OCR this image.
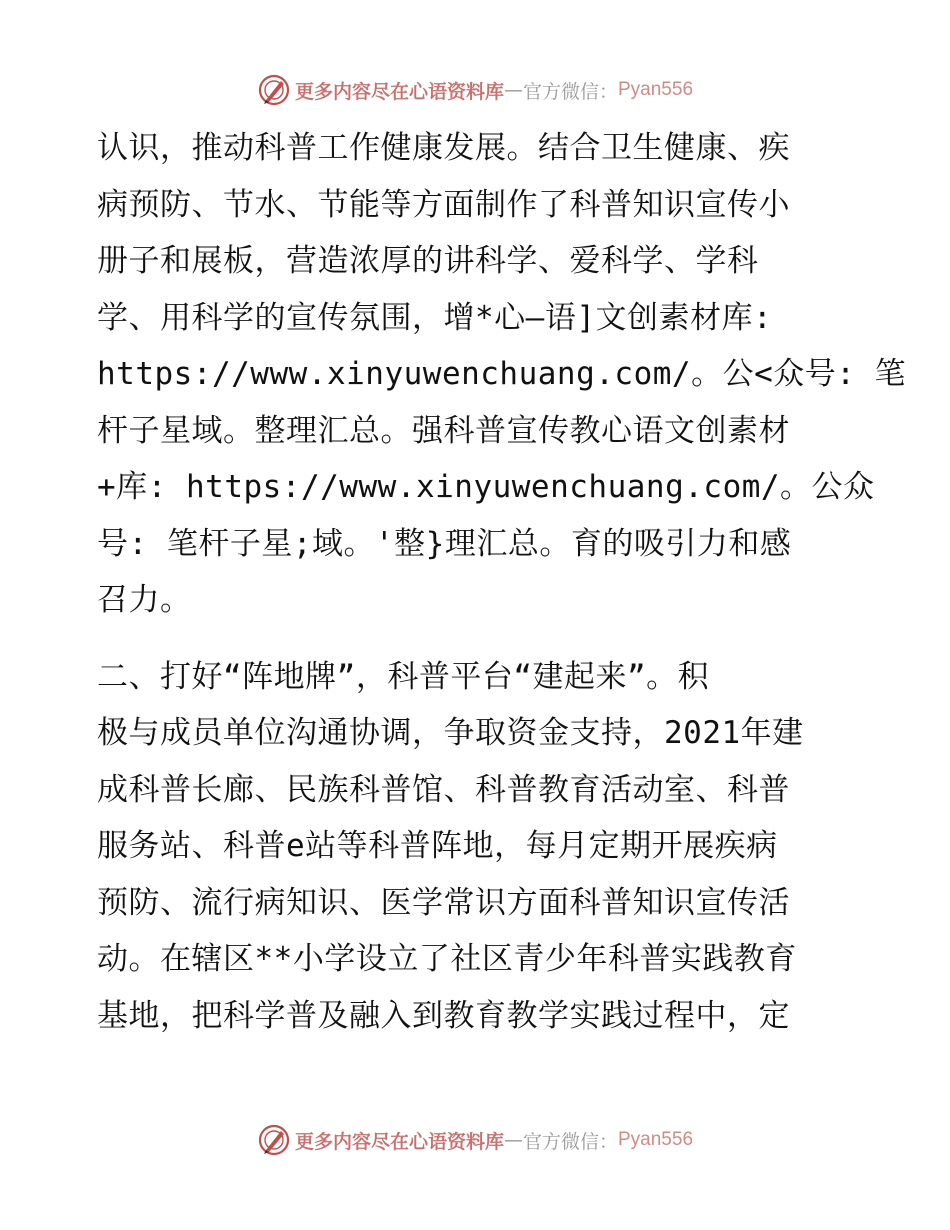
更多内容尽在心语资料库 — 官方微信： Pyan556

认识，推动科普工作健康发展。结合卫生健康、疾
病预防、节水、节能等方面制作了科普知识宣传小
册子和展板，营造浓厚的讲科学、爱科学、学科
学、用科学的宣传氛围，增*心—语]文创素材库:
https://www.xinyuwenchuang.com/。公<众号: 笔
杆子星域。整理汇总。强科普宣传教心语文创素材
+库: https://www.xinyuwenchuang.com/。公众
号: 笔杆子星;域。'整}理汇总。育的吸引力和感
召力。

二、打好“阵地牌”，科普平台“建起来”。积
极与成员单位沟通协调，争取资金支持，2021年建
成科普长廊、民族科普馆、科普教育活动室、科普
服务站、科普e站等科普阵地，每月定期开展疾病
预防、流行病知识、医学常识方面科普知识宣传活
动。在辖区**小学设立了社区青少年科普实践教育
基地，把科学普及融入到教育教学实践过程中，定

更多内容尽在心语资料库 — 官方微信： Pyan556
